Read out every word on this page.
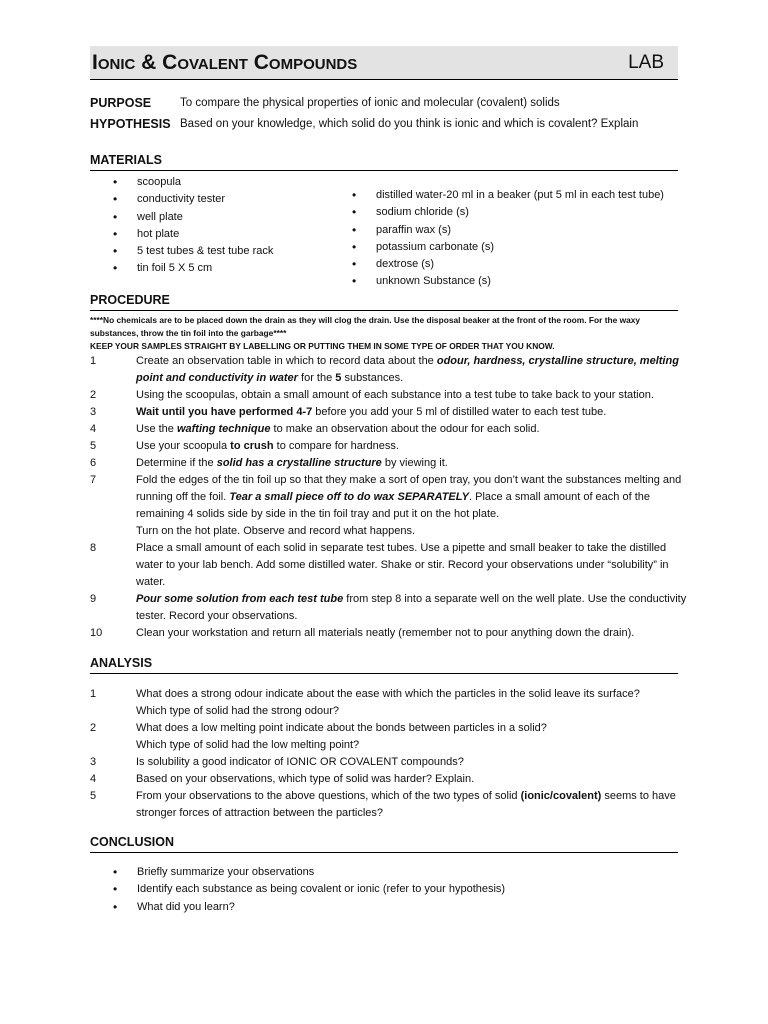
Ionic & Covalent Compounds	LAB
PURPOSE	To compare the physical properties of ionic and molecular (covalent) solids
HYPOTHESIS Based on your knowledge, which solid do you think is ionic and which is covalent? Explain
MATERIALS
• scoopula
• conductivity tester
• well plate
• hot plate
• 5 test tubes & test tube rack
• tin foil 5 X 5 cm
• distilled water-20 ml in a beaker (put 5 ml in each test tube)
• sodium chloride (s)
• paraffin wax (s)
• potassium carbonate (s)
• dextrose (s)
• unknown Substance (s)
PROCEDURE
****No chemicals are to be placed down the drain as they will clog the drain. Use the disposal beaker at the front of the room. For the waxy substances, throw the tin foil into the garbage****
KEEP YOUR SAMPLES STRAIGHT BY LABELLING OR PUTTING THEM IN SOME TYPE OF ORDER THAT YOU KNOW.
1	Create an observation table in which to record data about the odour, hardness, crystalline structure, melting point and conductivity in water for the 5 substances.
2	Using the scoopulas, obtain a small amount of each substance into a test tube to take back to your station.
3	Wait until you have performed 4-7 before you add your 5 ml of distilled water to each test tube.
4	Use the wafting technique to make an observation about the odour for each solid.
5	Use your scoopula to crush to compare for hardness.
6	Determine if the solid has a crystalline structure by viewing it.
7	Fold the edges of the tin foil up so that they make a sort of open tray, you don’t want the substances melting and running off the foil. Tear a small piece off to do wax SEPARATELY. Place a small amount of each of the remaining 4 solids side by side in the tin foil tray and put it on the hot plate.
Turn on the hot plate. Observe and record what happens.
8	Place a small amount of each solid in separate test tubes. Use a pipette and small beaker to take the distilled water to your lab bench. Add some distilled water. Shake or stir. Record your observations under “solubility” in water.
9	Pour some solution from each test tube from step 8 into a separate well on the well plate. Use the conductivity tester. Record your observations.
10	Clean your workstation and return all materials neatly (remember not to pour anything down the drain).
ANALYSIS
1	What does a strong odour indicate about the ease with which the particles in the solid leave its surface?
Which type of solid had the strong odour?
2	What does a low melting point indicate about the bonds between particles in a solid?
Which type of solid had the low melting point?
3	Is solubility a good indicator of IONIC OR COVALENT compounds?
4	Based on your observations, which type of solid was harder? Explain.
5	From your observations to the above questions, which of the two types of solid (ionic/covalent) seems to have stronger forces of attraction between the particles?
CONCLUSION
• Briefly summarize your observations
• Identify each substance as being covalent or ionic (refer to your hypothesis)
• What did you learn?
